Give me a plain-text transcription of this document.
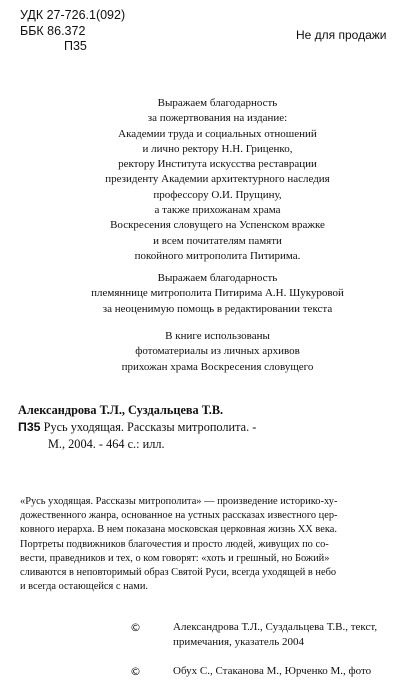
УДК 27-726.1(092)
ББК 86.372
П35
Не для продажи
Выражаем благодарность
за пожертвования на издание:
Академии труда и социальных отношений
и лично ректору Н.Н. Гриценко,
ректору Института искусства реставрации
президенту Академии архитектурного наследия
профессору О.И. Прущину,
а также прихожанам храма
Воскресения словущего на Успенском вражке
и всем почитателям памяти
покойного митрополита Питирима.
Выражаем благодарность
племяннице митрополита Питирима А.Н. Шукуровой
за неоценимую помощь в редактировании текста
В книге использованы
фотоматериалы из личных архивов
прихожан храма Воскресения словущего
Александрова Т.Л., Суздальцева Т.В.
П35 Русь уходящая. Рассказы митрополита. -
М., 2004. - 464 с.: илл.
«Русь уходящая. Рассказы митрополита» — произведение историко-ху-
дожественного жанра, основанное на устных рассказах известного цер-
ковного иерарха. В нем показана московская церковная жизнь XX века.
Портреты подвижников благочестия и просто людей, живущих по со-
вести, праведников и тех, о ком говорят: «хоть и грешный, но Божий»
сливаются в неповторимый образ Святой Руси, всегда уходящей в небо
и всегда остающейся с нами.
©	Александрова Т.Л., Суздальцева Т.В., текст,
примечания, указатель 2004
©	Обух С., Стаканова М., Юрченко М., фото
